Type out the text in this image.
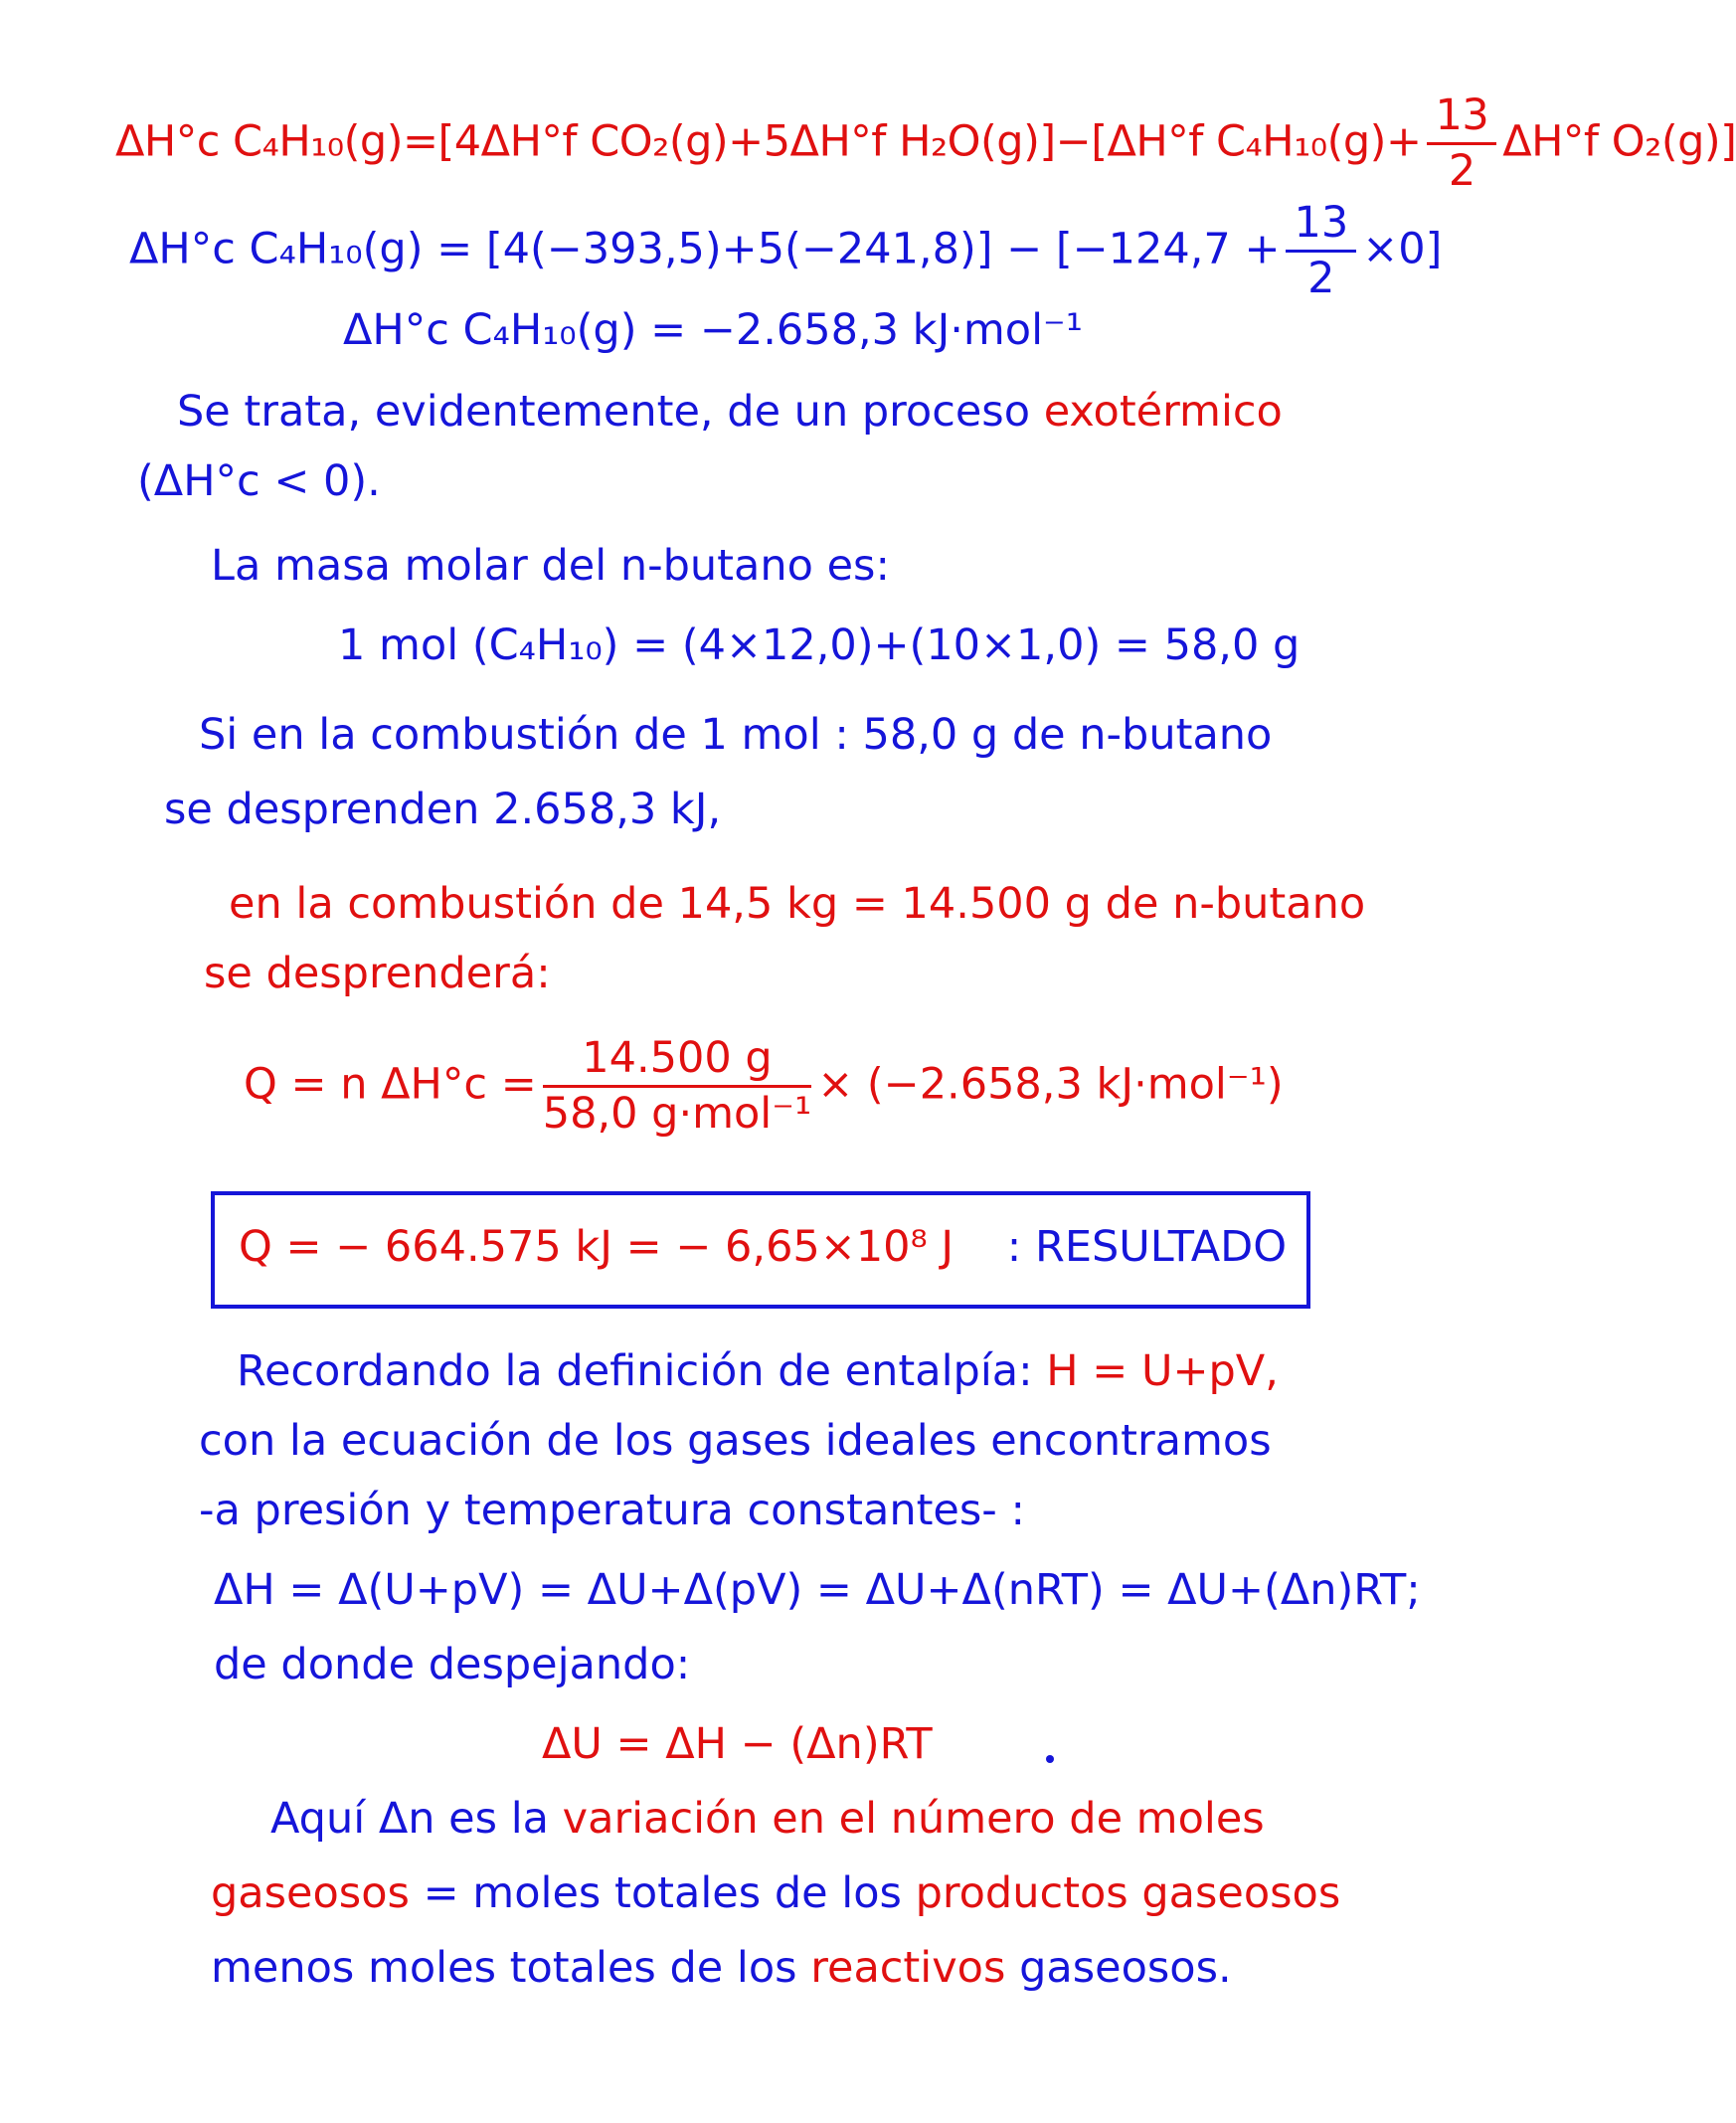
ΔH°c C₄H₁₀(g)=[4ΔH°f CO₂(g)+5ΔH°f H₂O(g)]−[ΔH°f $C_4H_{10}(g)+ \frac{13}{2} \Delta H^\circ f$ O₂(g)]
ΔH°c $C_4H_{10}(g) = [4(-393,5)+5(-241,8)] - [-124,7 + \frac{13}{2} \times 0]$
ΔH°c C₄H₁₀(g) = −2.658,3 kJ·mol⁻¹
Se trata, evidentemente, de un proceso exotérmico
(ΔH°c < 0).
La masa molar del n-butano es:
1 mol (C₄H₁₀) = (4×12,0)+(10×1,0) = 58,0 g
Si en la combustión de 1 mol : 58,0 g de n-butano
se desprenden 2.658,3 kJ,
en la combustión de 14,5 kg = 14.500 g de n-butano
se desprenderá:
Q = n $\Delta H^\circ c = \frac{14.500 g}{\text{58,0 g·mol⁻¹}} \times (-2.658,3$ kJ·mol⁻¹)
Q = − 664.575 kJ = − 6,65×10⁸ J : RESULTADO
Recordando la definición de entalpía: H = U+pV,
con la ecuación de los gases ideales encontramos
-a presión y temperatura constantes- :
ΔH = Δ(U+pV) = ΔU+Δ(pV) = ΔU+Δ(nRT) = ΔU+(Δn)RT;
de donde despejando:
ΔU = ΔH − (Δn)RT
Aquí Δn es la variación en el número de moles
gaseosos = moles totales de los productos gaseosos
menos moles totales de los reactivos gaseosos.
